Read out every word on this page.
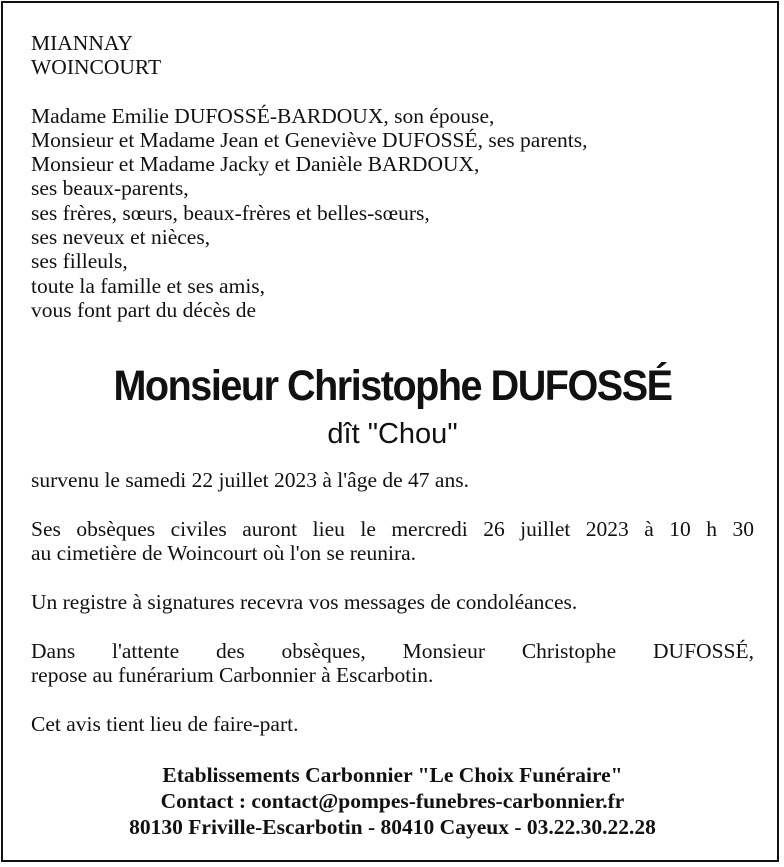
MIANNAY

WOINCOURT

Madame Emilie DUFOSSÉ-BARDOUX, son épouse,

Monsieur et Madame Jean et Geneviève DUFOSSÉ, ses parents,

Monsieur et Madame Jacky et Danièle BARDOUX,

ses beaux-parents,

ses frères, sœurs, beaux-frères et belles-sœurs,

ses neveux et nièces,

ses filleuls,

toute la famille et ses amis,

vous font part du décès de

Monsieur Christophe DUFOSSÉ
dît "Chou"

survenu le samedi 22 juillet 2023 à l'âge de 47 ans.

Ses obsèques civiles auront lieu le mercredi 26 juillet 2023 à 10 h 30
au cimetière de Woincourt où l'on se reunira.

Un registre à signatures recevra vos messages de condoléances.

Dans l'attente des obsèques, Monsieur Christophe DUFOSSÉ,
repose au funérarium Carbonnier à Escarbotin.

Cet avis tient lieu de faire-part.

Etablissements Carbonnier "Le Choix Funéraire"
Contact : contact@pompes-funebres-carbonnier.fr
80130 Friville-Escarbotin - 80410 Cayeux - 03.22.30.22.28
